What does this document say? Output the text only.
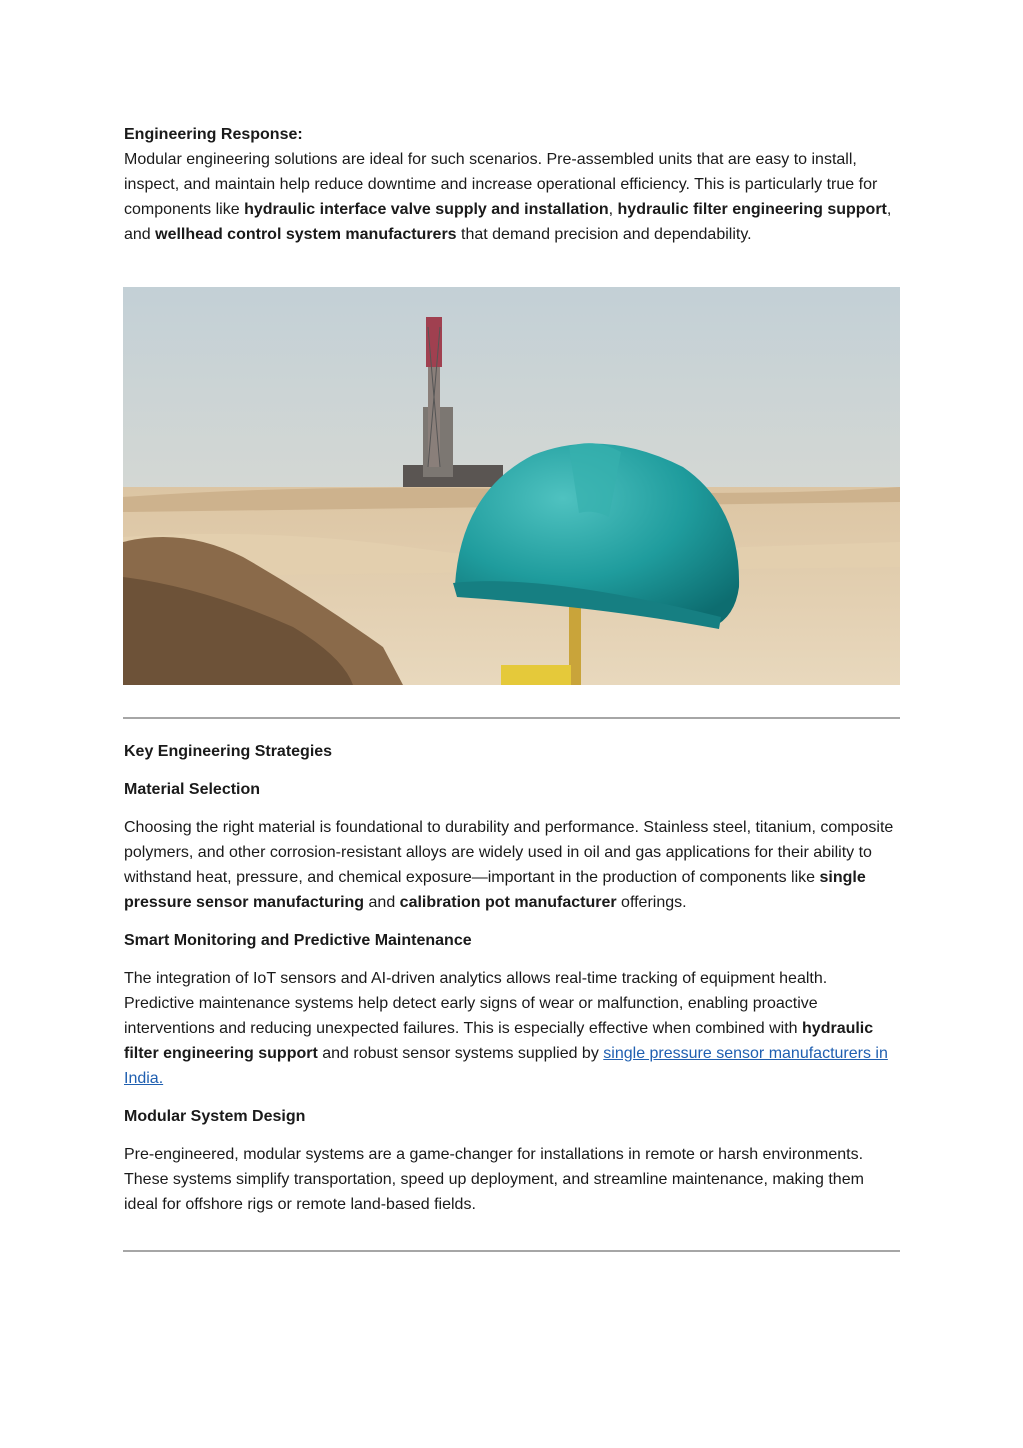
Engineering Response:

Modular engineering solutions are ideal for such scenarios. Pre-assembled units that are easy to install, inspect, and maintain help reduce downtime and increase operational efficiency. This is particularly true for components like hydraulic interface valve supply and installation, hydraulic filter engineering support, and wellhead control system manufacturers that demand precision and dependability.

Key Engineering Strategies

Material Selection

Choosing the right material is foundational to durability and performance. Stainless steel, titanium, composite polymers, and other corrosion-resistant alloys are widely used in oil and gas applications for their ability to withstand heat, pressure, and chemical exposure—important in the production of components like single pressure sensor manufacturing and calibration pot manufacturer offerings.

Smart Monitoring and Predictive Maintenance

The integration of IoT sensors and AI-driven analytics allows real-time tracking of equipment health. Predictive maintenance systems help detect early signs of wear or malfunction, enabling proactive interventions and reducing unexpected failures. This is especially effective when combined with hydraulic filter engineering support and robust sensor systems supplied by single pressure sensor manufacturers in India.

Modular System Design

Pre-engineered, modular systems are a game-changer for installations in remote or harsh environments. These systems simplify transportation, speed up deployment, and streamline maintenance, making them ideal for offshore rigs or remote land-based fields.
